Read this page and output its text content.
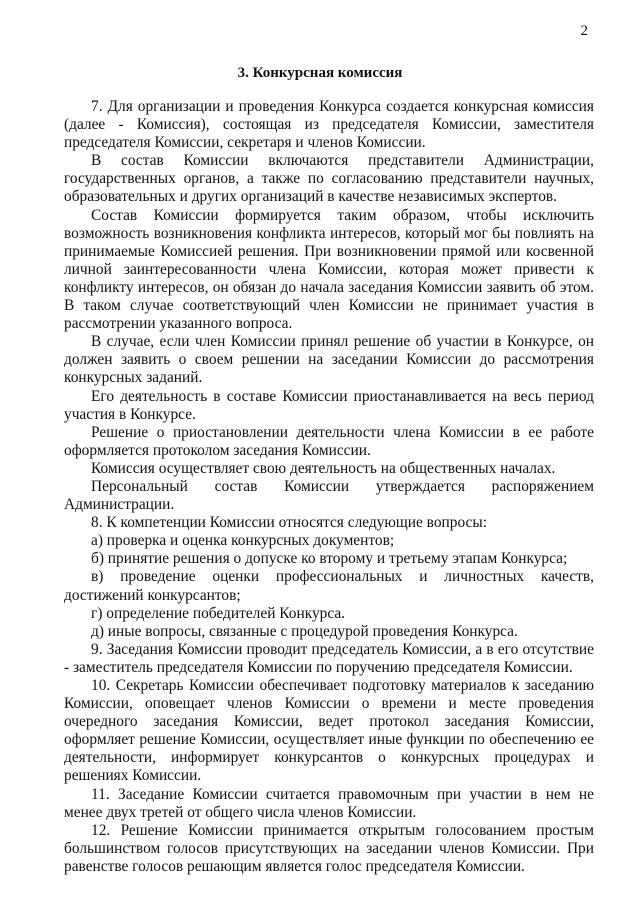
2
3. Конкурсная комиссия

7. Для организации и проведения Конкурса создается конкурсная комиссия (далее - Комиссия), состоящая из председателя Комиссии, заместителя председателя Комиссии, секретаря и членов Комиссии.

В состав Комиссии включаются представители Администрации, государственных органов, а также по согласованию представители научных, образовательных и других организаций в качестве независимых экспертов.

Состав Комиссии формируется таким образом, чтобы исключить возможность возникновения конфликта интересов, который мог бы повлиять на принимаемые Комиссией решения. При возникновении прямой или косвенной личной заинтересованности члена Комиссии, которая может привести к конфликту интересов, он обязан до начала заседания Комиссии заявить об этом. В таком случае соответствующий член Комиссии не принимает участия в рассмотрении указанного вопроса.

В случае, если член Комиссии принял решение об участии в Конкурсе, он должен заявить о своем решении на заседании Комиссии до рассмотрения конкурсных заданий.

Его деятельность в составе Комиссии приостанавливается на весь период участия в Конкурсе.

Решение о приостановлении деятельности члена Комиссии в ее работе оформляется протоколом заседания Комиссии.

Комиссия осуществляет свою деятельность на общественных началах.

Персональный состав Комиссии утверждается распоряжением Администрации.

8. К компетенции Комиссии относятся следующие вопросы:

а) проверка и оценка конкурсных документов;

б) принятие решения о допуске ко второму и третьему этапам Конкурса;

в) проведение оценки профессиональных и личностных качеств, достижений конкурсантов;

г) определение победителей Конкурса.

д) иные вопросы, связанные с процедурой проведения Конкурса.

9. Заседания Комиссии проводит председатель Комиссии, а в его отсутствие - заместитель председателя Комиссии по поручению председателя Комиссии.

10. Секретарь Комиссии обеспечивает подготовку материалов к заседанию Комиссии, оповещает членов Комиссии о времени и месте проведения очередного заседания Комиссии, ведет протокол заседания Комиссии, оформляет решение Комиссии, осуществляет иные функции по обеспечению ее деятельности, информирует конкурсантов о конкурсных процедурах и решениях Комиссии.

11. Заседание Комиссии считается правомочным при участии в нем не менее двух третей от общего числа членов Комиссии.

12. Решение Комиссии принимается открытым голосованием простым большинством голосов присутствующих на заседании членов Комиссии. При равенстве голосов решающим является голос председателя Комиссии.
